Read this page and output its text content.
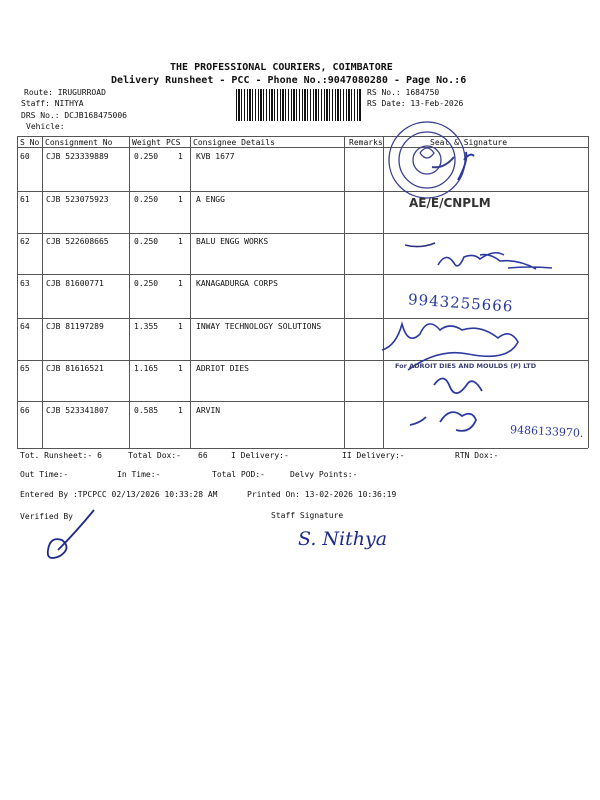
THE PROFESSIONAL COURIERS, COIMBATORE
Delivery Runsheet - PCC - Phone No.:9047080280 - Page No.:6
Route: IRUGURROAD
Staff: NITHYA
DRS No.: DCJB168475006
Vehicle:
RS No.: 1684750
RS Date: 13-Feb-2026
S No Consignment No Weight PCS Consignee Details	Remarks	Seal & Signature
60 CJB 523339889	0.250 1 KVB 1677
61 CJB 523075923	0.250 1 A ENGG
62 CJB 522608665	0.250 1 BALU ENGG WORKS
63 CJB 81600771	0.250 1 KANAGADURGA CORPS
64 CJB 81197289	1.355 1 INWAY TECHNOLOGY SOLUTIONS
65 CJB 81616521	1.165 1 ADRIOT DIES
66 CJB 523341807	0.585 1 ARVIN
AE/E/CNPLM
9943255666
For ADROIT DIES AND MOULDS (P) LTD
9486133970.
Tot. Runsheet:- 6	Total Dox:- 66	I Delivery:-	II Delivery:-	RTN Dox:-
Out Time:-	In Time:-	Total POD:-	Delvy Points:-
Entered By :TPCPCC 02/13/2026 10:33:28 AM	Printed On: 13-02-2026 10:36:19
Verified By	Staff Signature
S. Nithya
